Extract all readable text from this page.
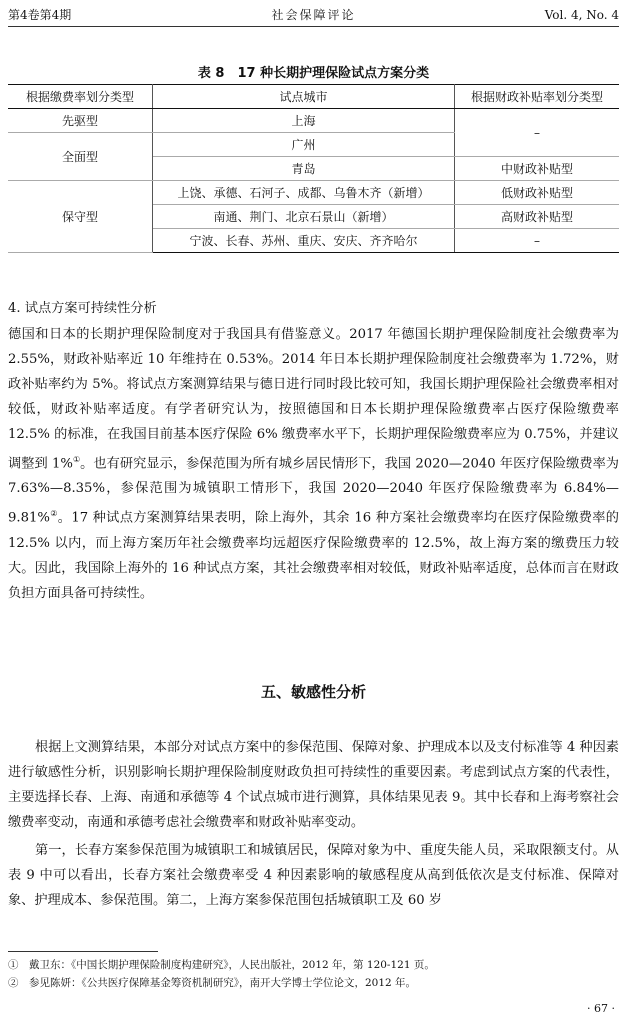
第4卷第4期	社会保障评论	Vol. 4, No. 4
表 8　17 种长期护理保险试点方案分类
根据缴费率划分类型	试点城市	根据财政补贴率划分类型
先驱型	上海	–
全面型	广州	
	青岛	中财政补贴型
保守型	上饶、承德、石河子、成都、乌鲁木齐（新增）	低财政补贴型
	南通、荆门、北京石景山（新增）	高财政补贴型
	宁波、长春、苏州、重庆、安庆、齐齐哈尔	–
4. 试点方案可持续性分析
德国和日本的长期护理保险制度对于我国具有借鉴意义。2017 年德国长期护理保险制度社会缴费率为 2.55%，财政补贴率近 10 年维持在 0.53%。2014 年日本长期护理保险制度社会缴费率为 1.72%，财政补贴率约为 5%。将试点方案测算结果与德日进行同时段比较可知，我国长期护理保险社会缴费率相对较低，财政补贴率适度。有学者研究认为，按照德国和日本长期护理保险缴费率占医疗保险缴费率 12.5% 的标准，在我国目前基本医疗保险 6% 缴费率水平下，长期护理保险缴费率应为 0.75%，并建议调整到 1%①。也有研究显示，参保范围为所有城乡居民情形下，我国 2020—2040 年医疗保险缴费率为 7.63%—8.35%，参保范围为城镇职工情形下，我国 2020—2040 年医疗保险缴费率为 6.84%—9.81%②。17 种试点方案测算结果表明，除上海外，其余 16 种方案社会缴费率均在医疗保险缴费率的 12.5% 以内，而上海方案历年社会缴费率均远超医疗保险缴费率的 12.5%，故上海方案的缴费压力较大。因此，我国除上海外的 16 种试点方案，其社会缴费率相对较低，财政补贴率适度，总体而言在财政负担方面具备可持续性。
五、敏感性分析
根据上文测算结果，本部分对试点方案中的参保范围、保障对象、护理成本以及支付标准等 4 种因素进行敏感性分析，识别影响长期护理保险制度财政负担可持续性的重要因素。考虑到试点方案的代表性，主要选择长春、上海、南通和承德等 4 个试点城市进行测算，具体结果见表 9。其中长春和上海考察社会缴费率变动，南通和承德考虑社会缴费率和财政补贴率变动。
第一，长春方案参保范围为城镇职工和城镇居民，保障对象为中、重度失能人员，采取限额支付。从表 9 中可以看出，长春方案社会缴费率受 4 种因素影响的敏感程度从高到低依次是支付标准、保障对象、护理成本、参保范围。第二，上海方案参保范围包括城镇职工及 60 岁
①　戴卫东：《中国长期护理保险制度构建研究》，人民出版社，2012 年，第 120-121 页。
②　参见陈妍：《公共医疗保障基金筹资机制研究》，南开大学博士学位论文，2012 年。
· 67 ·
